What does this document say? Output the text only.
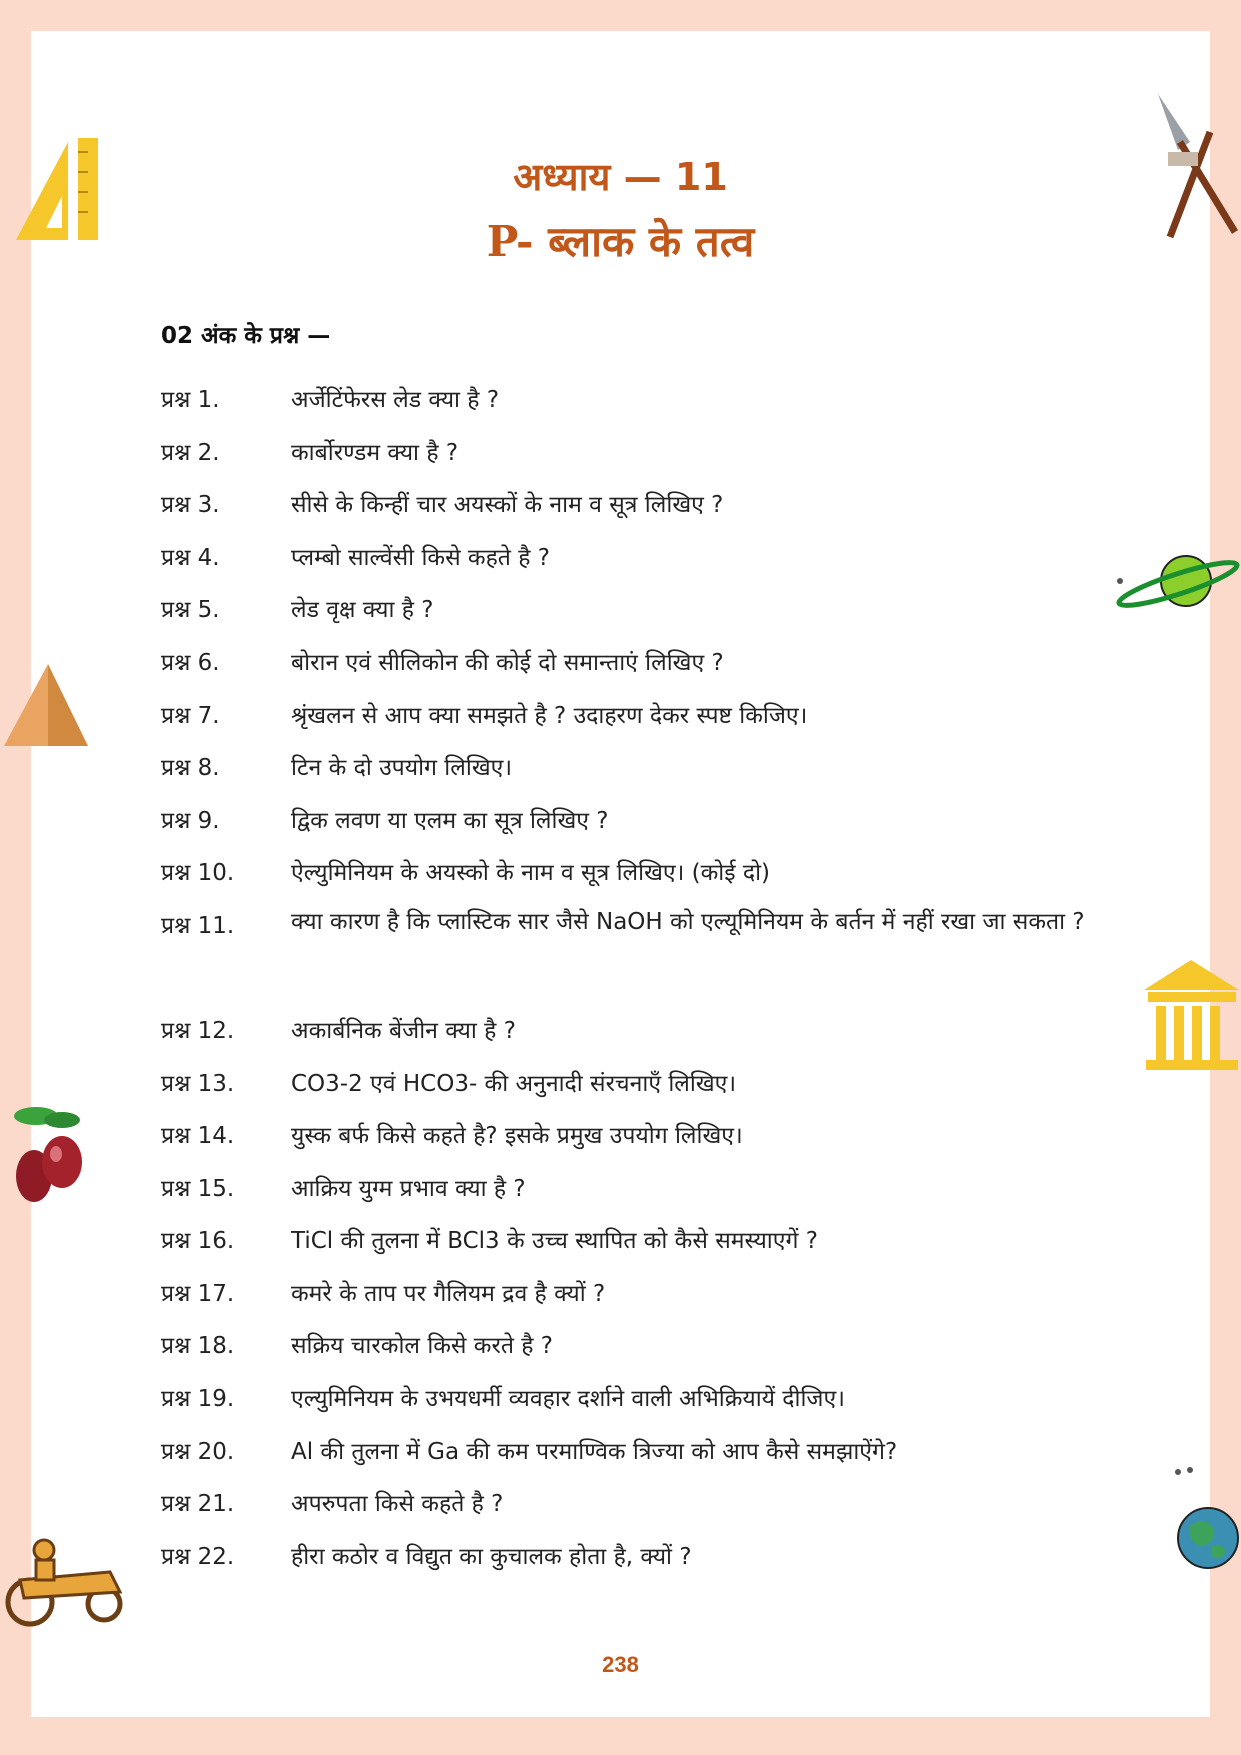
अध्याय — 11
P- ब्लाक के तत्व
02 अंक के प्रश्न —
प्रश्न 1.	अर्जेटिंफेरस लेड क्या है ?
प्रश्न 2.	कार्बोरण्डम क्या है ?
प्रश्न 3.	सीसे के किन्हीं चार अयस्कों के नाम व सूत्र लिखिए ?
प्रश्न 4.	प्लम्बो साल्वेंसी किसे कहते है ?
प्रश्न 5.	लेड वृक्ष क्या है ?
प्रश्न 6.	बोरान एवं सीलिकोन की कोई दो समान्ताएं लिखिए ?
प्रश्न 7.	श्रृंखलन से आप क्या समझते है ? उदाहरण देकर स्पष्ट किजिए।
प्रश्न 8.	टिन के दो उपयोग लिखिए।
प्रश्न 9.	द्विक लवण या एलम का सूत्र लिखिए ?
प्रश्न 10. ऐल्युमिनियम के अयस्को के नाम व सूत्र लिखिए। (कोई दो)
प्रश्न 11. क्या कारण है कि प्लास्टिक सार जैसे NaOH को एल्यूमिनियम के बर्तन में नहीं रखा जा सकता ?
प्रश्न 12. अकार्बनिक बेंजीन क्या है ?
प्रश्न 13. CO3-2 एवं HCO3- की अनुनादी संरचनाएँ लिखिए।
प्रश्न 14. युस्क बर्फ किसे कहते है? इसके प्रमुख उपयोग लिखिए।
प्रश्न 15. आक्रिय युग्म प्रभाव क्या है ?
प्रश्न 16. TiCl की तुलना में BCl3 के उच्च स्थापित को कैसे समस्याएगें ?
प्रश्न 17. कमरे के ताप पर गैलियम द्रव है क्यों ?
प्रश्न 18. सक्रिय चारकोल किसे करते है ?
प्रश्न 19. एल्युमिनियम के उभयधर्मी व्यवहार दर्शाने वाली अभिक्रियायें दीजिए।
प्रश्न 20. Al की तुलना में Ga की कम परमाण्विक त्रिज्या को आप कैसे समझाऐंगे?
प्रश्न 21. अपरुपता किसे कहते है ?
प्रश्न 22. हीरा कठोर व विद्युत का कुचालक होता है, क्यों ?
238
